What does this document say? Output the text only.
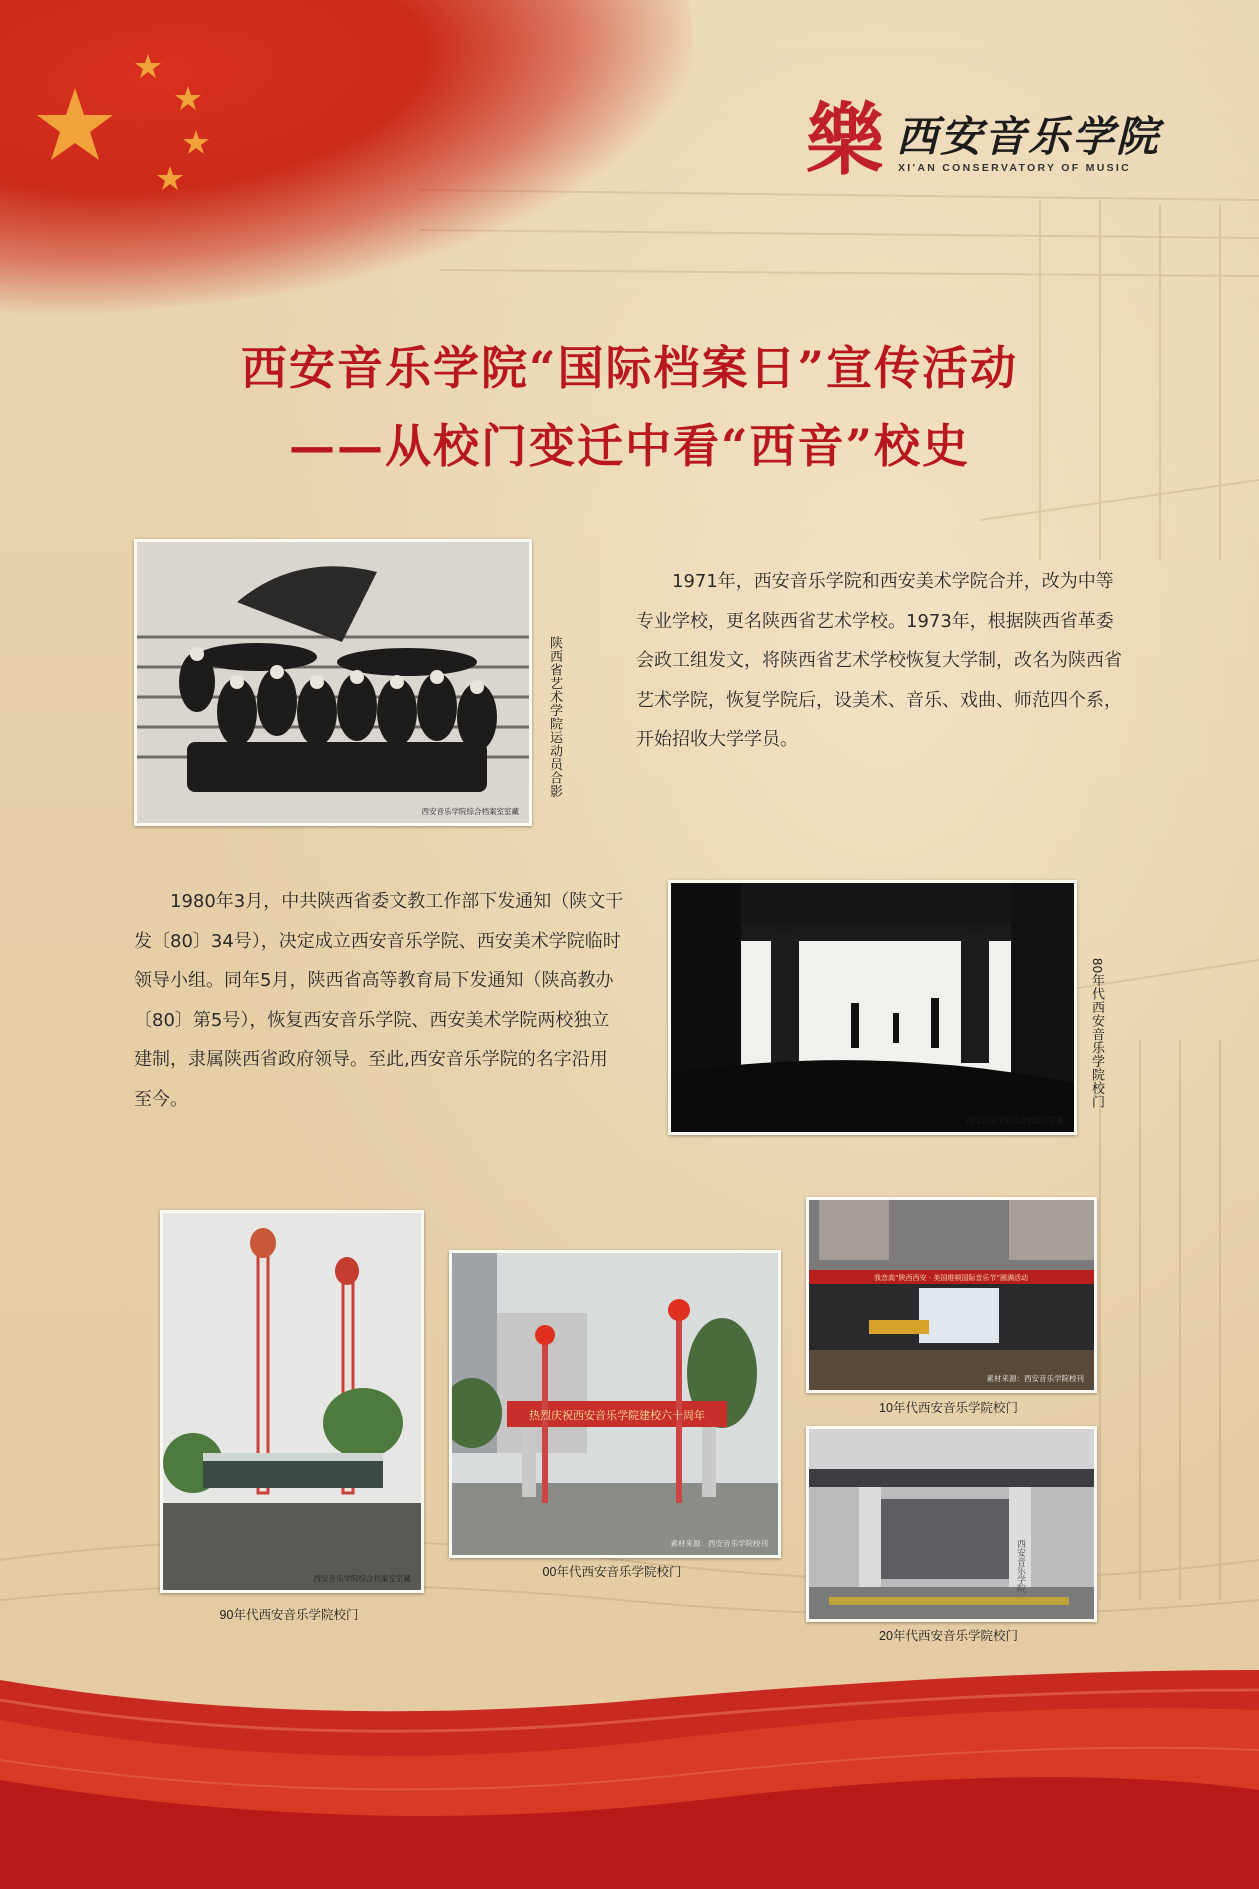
樂 西安音乐学院
XI'AN CONSERVATORY OF MUSIC
西安音乐学院“国际档案日”宣传活动
——从校门变迁中看“西音”校史
西安音乐学院综合档案室室藏
陕西省艺术学院运动员合影
1971年，西安音乐学院和西安美术学院合并，改为中等专业学校，更名陕西省艺术学校。1973年，根据陕西省革委会政工组发文，将陕西省艺术学校恢复大学制，改名为陕西省艺术学院，恢复学院后，设美术、音乐、戏曲、师范四个系，开始招收大学学员。
1980年3月，中共陕西省委文教工作部下发通知（陕文干发〔80〕34号），决定成立西安音乐学院、西安美术学院临时领导小组。同年5月，陕西省高等教育局下发通知（陕高教办〔80〕第5号），恢复西安音乐学院、西安美术学院两校独立建制，隶属陕西省政府领导。至此,西安音乐学院的名字沿用至今。
西安音乐学院综合档案室室藏
80年代西安音乐学院校门
西安音乐学院综合档案室室藏
90年代西安音乐学院校门
热烈庆祝西安音乐学院建校六十周年
素材来源：西安音乐学院校刊
00年代西安音乐学院校门
我音高“陕西西安 · 美国维顿国际音乐节”圆满活动
素材来源：西安音乐学院校刊
10年代西安音乐学院校门
西安音乐学院
20年代西安音乐学院校门
